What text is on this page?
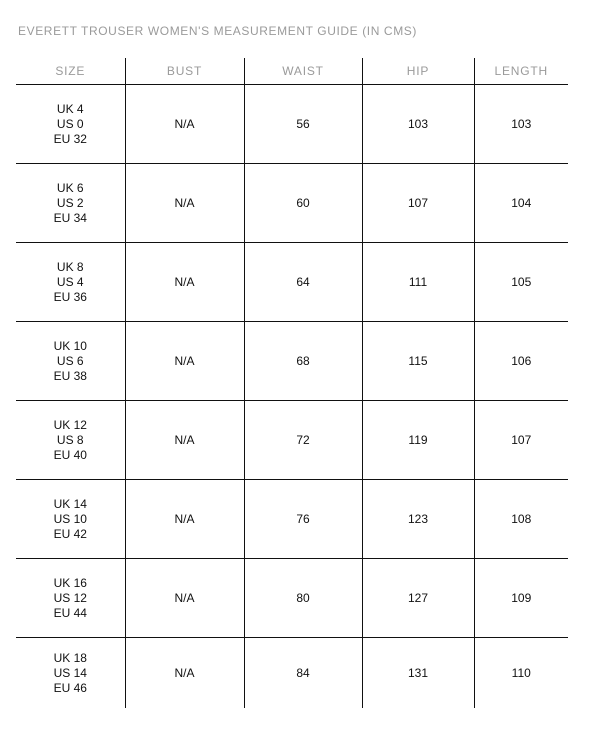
EVERETT TROUSER WOMEN'S MEASUREMENT GUIDE (IN CMS)
SIZE	BUST	WAIST	HIP	LENGTH

UK 4
US 0
EU 32	N/A	56	103	103

UK 6
US 2
EU 34	N/A	60	107	104

UK 8
US 4
EU 36	N/A	64	111	105

UK 10
US 6
EU 38	N/A	68	115	106

UK 12
US 8
EU 40	N/A	72	119	107

UK 14
US 10
EU 42	N/A	76	123	108

UK 16
US 12
EU 44	N/A	80	127	109

UK 18
US 14
EU 46	N/A	84	131	110
